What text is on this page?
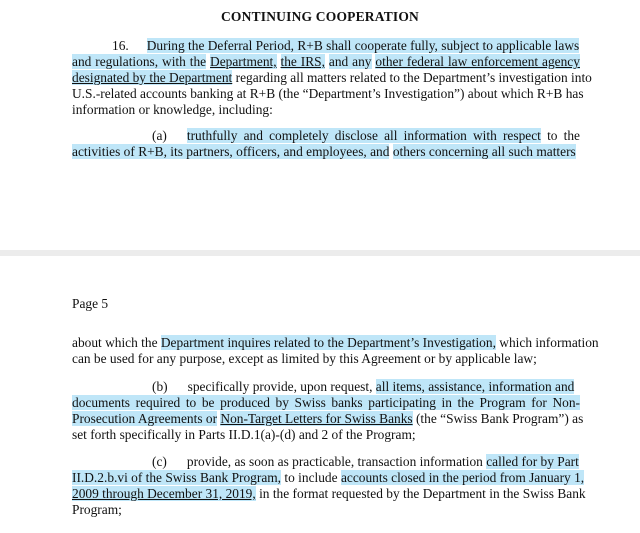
CONTINUING COOPERATION
16. During the Deferral Period, R+B shall cooperate fully, subject to applicable laws
and regulations, with the Department, the IRS, and any other federal law enforcement agency
designated by the Department regarding all matters related to the Department’s investigation into
U.S.-related accounts banking at R+B (the “Department’s Investigation”) about which R+B has
information or knowledge, including:
(a) truthfully and completely disclose all information with respect to the
activities of R+B, its partners, officers, and employees, and others concerning all such matters
Page 5
about which the Department inquires related to the Department’s Investigation, which information
can be used for any purpose, except as limited by this Agreement or by applicable law;
(b) specifically provide, upon request, all items, assistance, information and
documents required to be produced by Swiss banks participating in the Program for Non-
Prosecution Agreements or Non-Target Letters for Swiss Banks (the “Swiss Bank Program”) as
set forth specifically in Parts II.D.1(a)-(d) and 2 of the Program;
(c) provide, as soon as practicable, transaction information called for by Part
II.D.2.b.vi of the Swiss Bank Program, to include accounts closed in the period from January 1,
2009 through December 31, 2019, in the format requested by the Department in the Swiss Bank
Program;
